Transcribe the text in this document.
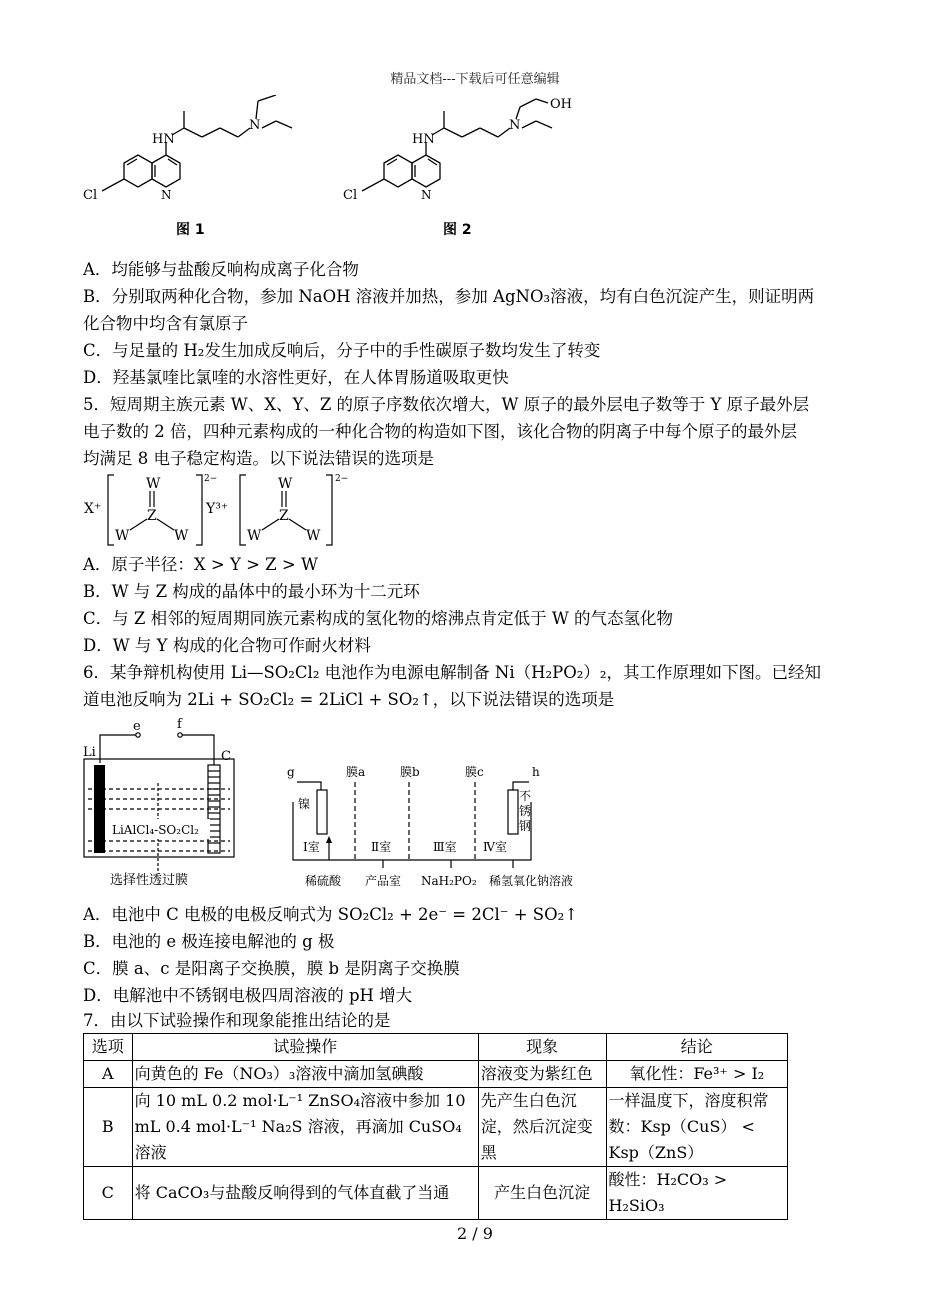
精品文档---下载后可任意编辑
HN
N
Cl	N
图 1
HN
N
OH
Cl	N
图 2
A．均能够与盐酸反响构成离子化合物
B．分别取两种化合物，参加 NaOH 溶液并加热，参加 AgNO₃溶液，均有白色沉淀产生，则证明两
化合物中均含有氯原子
C．与足量的 H₂发生加成反响后，分子中的手性碳原子数均发生了转变
D．羟基氯喹比氯喹的水溶性更好，在人体胃肠道吸取更快
5．短周期主族元素 W、X、Y、Z 的原子序数依次增大，W 原子的最外层电子数等于 Y 原子最外层
电子数的 2 倍，四种元素构成的一种化合物的构造如下图，该化合物的阴离子中每个原子的最外层
均满足 8 电子稳定构造。以下说法错误的选项是
X⁺
W
Z
W	W
Y³⁺
W
Z
W	W
2−	2−
A．原子半径：X > Y > Z > W
B．W 与 Z 构成的晶体中的最小环为十二元环
C．与 Z 相邻的短周期同族元素构成的氢化物的熔沸点肯定低于 W 的气态氢化物
D．W 与 Y 构成的化合物可作耐火材料
6．某争辩机构使用 Li—SO₂Cl₂ 电池作为电源电解制备 Ni（H₂PO₂）₂，其工作原理如下图。已经知
道电池反响为 2Li + SO₂Cl₂ = 2LiCl + SO₂↑，以下说法错误的选项是
e	f
Li	C
LiAlCl₄-SO₂Cl₂
选择性透过膜
g	h
膜a	膜b	膜c
镍
不
锈
钢
Ⅰ室	Ⅱ室	Ⅲ室 Ⅳ室
稀硫酸 产品室 NaH₂PO₂ 稀氢氧化钠溶液
A．电池中 C 电极的电极反响式为 SO₂Cl₂ + 2e⁻ = 2Cl⁻ + SO₂↑
B．电池的 e 极连接电解池的 g 极
C．膜 a、c 是阳离子交换膜，膜 b 是阴离子交换膜
D．电解池中不锈钢电极四周溶液的 pH 增大
7．由以下试验操作和现象能推出结论的是
选项	试验操作	现象	结论
A	向黄色的 Fe（NO₃）₃溶液中滴加氢碘酸	溶液变为紫红色	氧化性：Fe³⁺ > I₂
B	向 10 mL 0.2 mol·L⁻¹ ZnSO₄溶液中参加 10 mL 0.4 mol·L⁻¹ Na₂S 溶液，再滴加 CuSO₄溶液	先产生白色沉淀，然后沉淀变黑	一样温度下，溶度积常数：Ksp（CuS） < Ksp（ZnS）
C	将 CaCO₃与盐酸反响得到的气体直截了当通	产生白色沉淀	酸性：H₂CO₃ > H₂SiO₃
2 / 9
